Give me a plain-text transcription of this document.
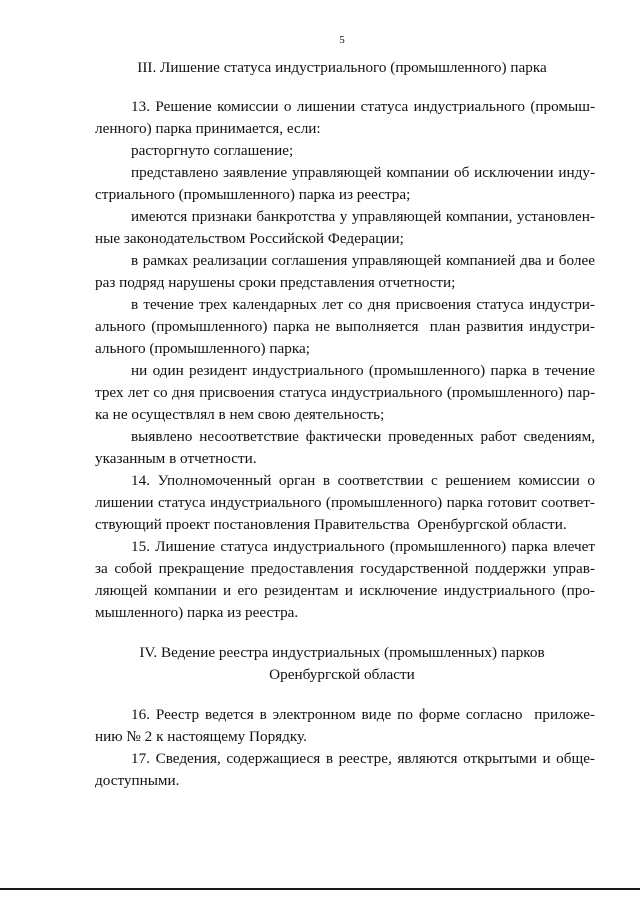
5
III. Лишение статуса индустриального (промышленного) парка
13. Решение комиссии о лишении статуса индустриального (промыш-
ленного) парка принимается, если:
расторгнуто соглашение;
представлено заявление управляющей компании об исключении инду-
стриального (промышленного) парка из реестра;
имеются признаки банкротства у управляющей компании, установлен-
ные законодательством Российской Федерации;
в рамках реализации соглашения управляющей компанией два и более
раз подряд нарушены сроки представления отчетности;
в течение трех календарных лет со дня присвоения статуса индустри-
ального (промышленного) парка не выполняется  план развития индустри-
ального (промышленного) парка;
ни один резидент индустриального (промышленного) парка в течение
трех лет со дня присвоения статуса индустриального (промышленного) пар-
ка не осуществлял в нем свою деятельность;
выявлено несоответствие фактически проведенных работ сведениям,
указанным в отчетности.
14. Уполномоченный орган в соответствии с решением комиссии о
лишении статуса индустриального (промышленного) парка готовит соответ-
ствующий проект постановления Правительства  Оренбургской области.
15. Лишение статуса индустриального (промышленного) парка влечет
за собой прекращение предоставления государственной поддержки управ-
ляющей компании и его резидентам и исключение индустриального (про-
мышленного) парка из реестра.
IV. Ведение реестра индустриальных (промышленных) парков
Оренбургской области
16. Реестр ведется в электронном виде по форме согласно  приложе-
нию № 2 к настоящему Порядку.
17. Сведения, содержащиеся в реестре, являются открытыми и обще-
доступными.
